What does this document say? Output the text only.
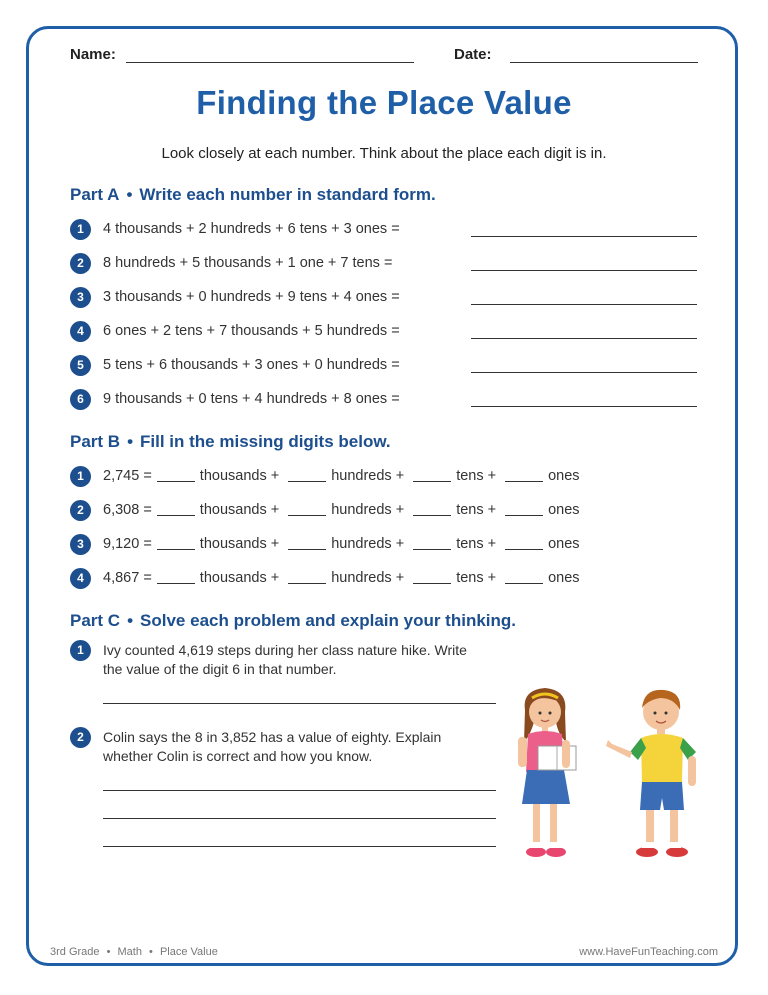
Name:	Date:
Finding the Place Value
Look closely at each number. Think about the place each digit is in.
Part A • Write each number in standard form.
1	4 thousands + 2 hundreds + 6 tens + 3 ones =
2	8 hundreds + 5 thousands + 1 one + 7 tens =
3	3 thousands + 0 hundreds + 9 tens + 4 ones =
4	6 ones + 2 tens + 7 thousands + 5 hundreds =
5	5 tens + 6 thousands + 3 ones + 0 hundreds =
6	9 thousands + 0 tens + 4 hundreds + 8 ones =
Part B • Fill in the missing digits below.
1	2,745 =	thousands +	hundreds +	tens +	ones
2	6,308 =	thousands +	hundreds +	tens +	ones
3	9,120 =	thousands +	hundreds +	tens +	ones
4	4,867 =	thousands +	hundreds +	tens +	ones
Part C • Solve each problem and explain your thinking.
1	Ivy counted 4,619 steps during her class nature hike. Write
the value of the digit 6 in that number.
2	Colin says the 8 in 3,852 has a value of eighty. Explain
whether Colin is correct and how you know.
3rd Grade • Math • Place Value	www.HaveFunTeaching.com
